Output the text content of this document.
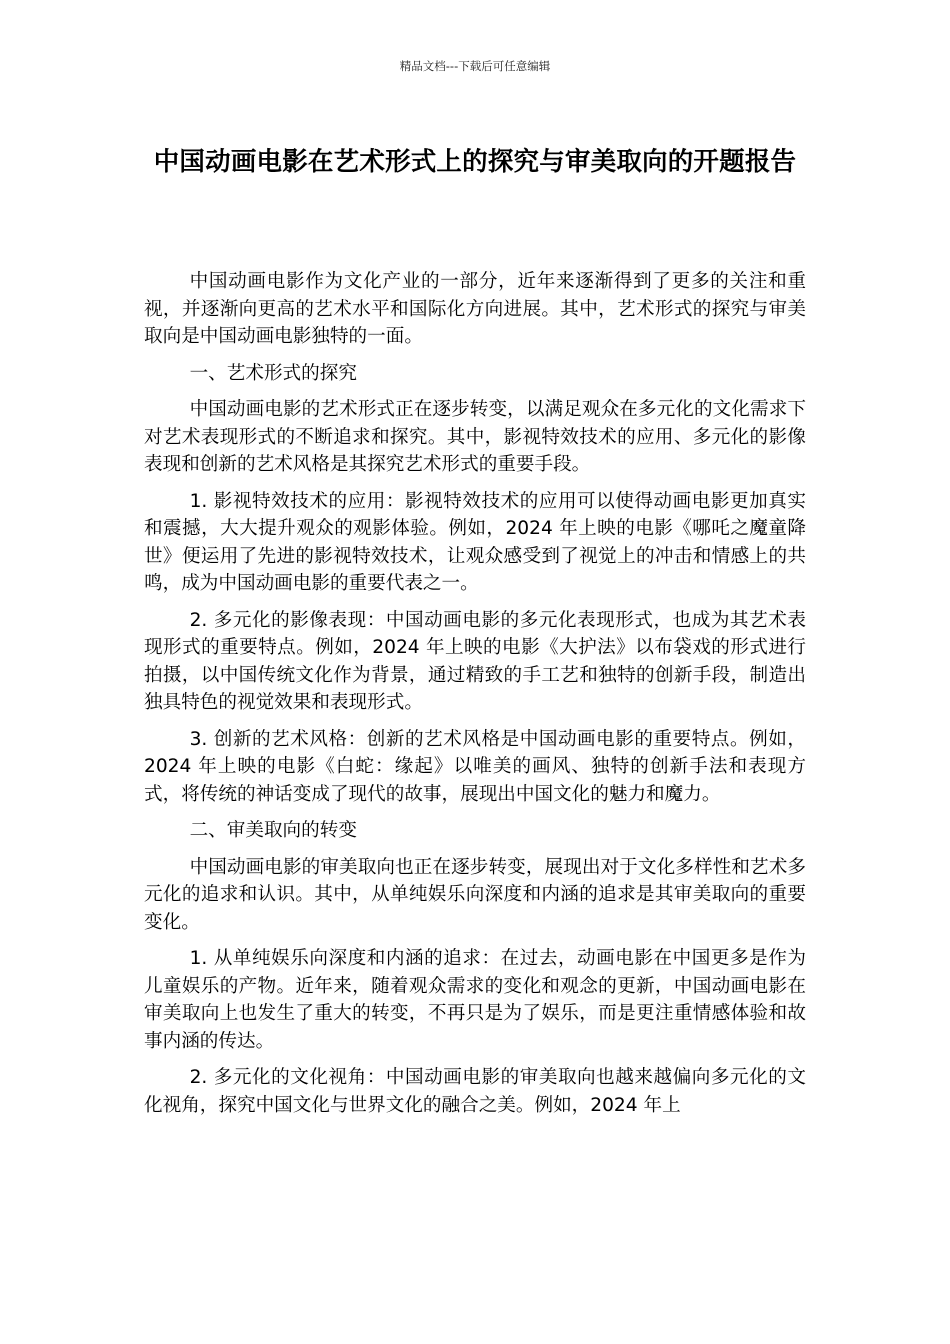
精品文档---下载后可任意编辑
中国动画电影在艺术形式上的探究与审美取向的开题报告

中国动画电影作为文化产业的一部分，近年来逐渐得到了更多的关注和重视，并逐渐向更高的艺术水平和国际化方向进展。其中，艺术形式的探究与审美取向是中国动画电影独特的一面。

一、艺术形式的探究

中国动画电影的艺术形式正在逐步转变，以满足观众在多元化的文化需求下对艺术表现形式的不断追求和探究。其中，影视特效技术的应用、多元化的影像表现和创新的艺术风格是其探究艺术形式的重要手段。

1. 影视特效技术的应用：影视特效技术的应用可以使得动画电影更加真实和震撼，大大提升观众的观影体验。例如，2024 年上映的电影《哪吒之魔童降世》便运用了先进的影视特效技术，让观众感受到了视觉上的冲击和情感上的共鸣，成为中国动画电影的重要代表之一。

2. 多元化的影像表现：中国动画电影的多元化表现形式，也成为其艺术表现形式的重要特点。例如，2024 年上映的电影《大护法》以布袋戏的形式进行拍摄，以中国传统文化作为背景，通过精致的手工艺和独特的创新手段，制造出独具特色的视觉效果和表现形式。

3. 创新的艺术风格：创新的艺术风格是中国动画电影的重要特点。例如，2024 年上映的电影《白蛇：缘起》以唯美的画风、独特的创新手法和表现方式，将传统的神话变成了现代的故事，展现出中国文化的魅力和魔力。

二、审美取向的转变

中国动画电影的审美取向也正在逐步转变，展现出对于文化多样性和艺术多元化的追求和认识。其中，从单纯娱乐向深度和内涵的追求是其审美取向的重要变化。

1. 从单纯娱乐向深度和内涵的追求：在过去，动画电影在中国更多是作为儿童娱乐的产物。近年来，随着观众需求的变化和观念的更新，中国动画电影在审美取向上也发生了重大的转变，不再只是为了娱乐，而是更注重情感体验和故事内涵的传达。

2. 多元化的文化视角：中国动画电影的审美取向也越来越偏向多元化的文化视角，探究中国文化与世界文化的融合之美。例如，2024 年上
